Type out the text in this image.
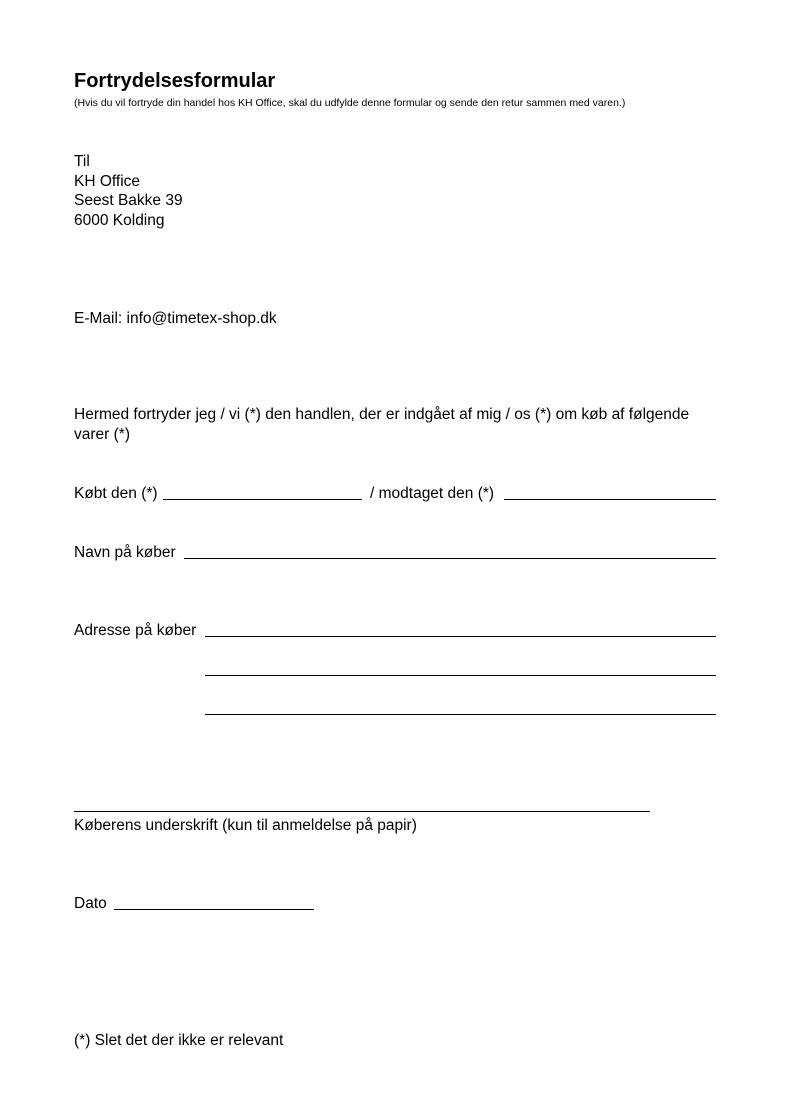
Fortrydelsesformular
(Hvis du vil fortryde din handel hos KH Office, skal du udfylde denne formular og sende den retur sammen med varen.)
Til
KH Office
Seest Bakke 39
6000 Kolding
E-Mail: info@timetex-shop.dk
Hermed fortryder jeg / vi (*) den handlen, der er indgået af mig / os (*) om køb af følgende varer (*)
Købt den (*)	/ modtaget den (*)
Navn på køber
Adresse på køber
Køberens underskrift (kun til anmeldelse på papir)
Dato
(*) Slet det der ikke er relevant
